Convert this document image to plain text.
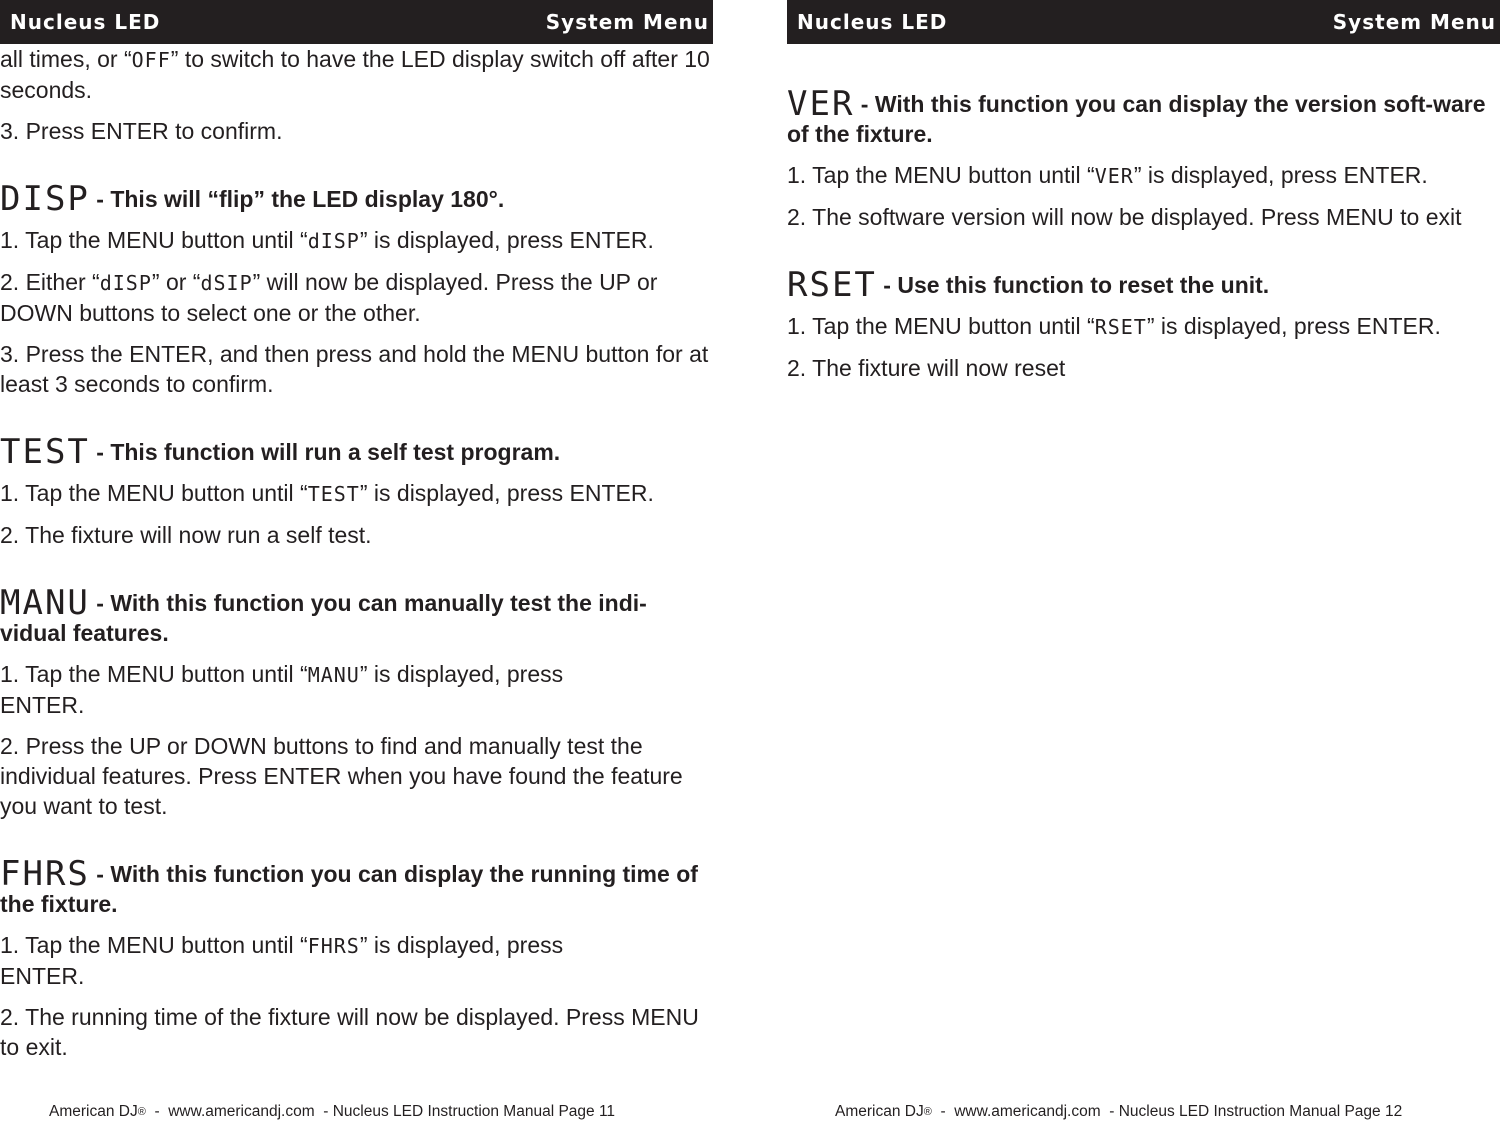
Nucleus LED	System Menu

all times, or “OFF” to switch to have the LED display switch off after 10 seconds.

3. Press ENTER to confirm.

DISP - This will “flip” the LED display 180°.

1. Tap the MENU button until “dISP” is displayed, press ENTER.

2. Either “dISP” or “dSIP” will now be displayed. Press the UP or DOWN buttons to select one or the other.

3. Press the ENTER, and then press and hold the MENU button for at least 3 seconds to confirm.

TEST - This function will run a self test program.

1. Tap the MENU button until “TEST” is displayed, press ENTER.

2. The fixture will now run a self test.

MANU - With this function you can manually test the indi-vidual features.

1. Tap the MENU button until “MANU” is displayed, press ENTER.

2. Press the UP or DOWN buttons to find and manually test the individual features. Press ENTER when you have found the feature you want to test.

FHRS - With this function you can display the running time of the fixture.

1. Tap the MENU button until “FHRS” is displayed, press ENTER.

2. The running time of the fixture will now be displayed. Press MENU to exit.

American DJ®  -  www.americandj.com  - Nucleus LED Instruction Manual Page 11
Nucleus LED	System Menu

VER - With this function you can display the version soft-ware of the fixture.

1. Tap the MENU button until “VER” is displayed, press ENTER.

2. The software version will now be displayed. Press MENU to exit

RSET - Use this function to reset the unit.

1. Tap the MENU button until “RSET” is displayed, press ENTER.

2. The fixture will now reset

American DJ®  -  www.americandj.com  - Nucleus LED Instruction Manual Page 12
